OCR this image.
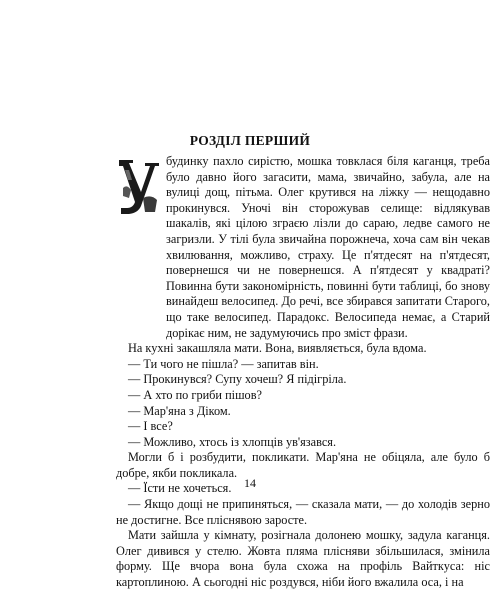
РОЗДІЛ ПЕРШИЙ

будинку пахло сирістю, мошка товклася біля каганця, треба було давно його загасити, мама, звичайно, забула, але на вулиці дощ, пітьма. Олег крутився на ліжку — нещодавно прокинувся. Уночі він сторожував селище: відлякував шакалів, які цілою зграєю лізли до сараю, ледве самого не загризли. У тілі була звичайна порожнеча, хоча сам він чекав хвилювання, можливо, страху. Це п'ятдесят на п'ятдесят, повернешся чи не повернешся. А п'ятдесят у квадраті? Повинна бути закономірність, повинні бути таблиці, бо знову винайдеш велосипед. До речі, все збирався запитати Старого, що таке велосипед. Парадокс. Велосипеда немає, а Старий дорікає ним, не задумуючись про зміст фрази.

На кухні закашляла мати. Вона, виявляється, була вдома.

— Ти чого не пішла? — запитав він.

— Прокинувся? Супу хочеш? Я підігріла.

— А хто по гриби пішов?

— Мар'яна з Діком.

— І все?

— Можливо, хтось із хлопців ув'язався.

Могли б і розбудити, покликати. Мар'яна не обіцяла, але було б добре, якби покликала.

— Їсти не хочеться.

— Якщо дощі не припиняться, — сказала мати, — до холодів зерно не достигне. Все пліснявою заросте.

Мати зайшла у кімнату, розігнала долонею мошку, задула каганця. Олег дивився у стелю. Жовта пляма плісняви збільшилася, змінила форму. Ще вчора вона була схожа на профіль Вайткуса: ніс картоплиною. А сьогодні ніс роздувся, ніби його вжалила оса, і на

14
